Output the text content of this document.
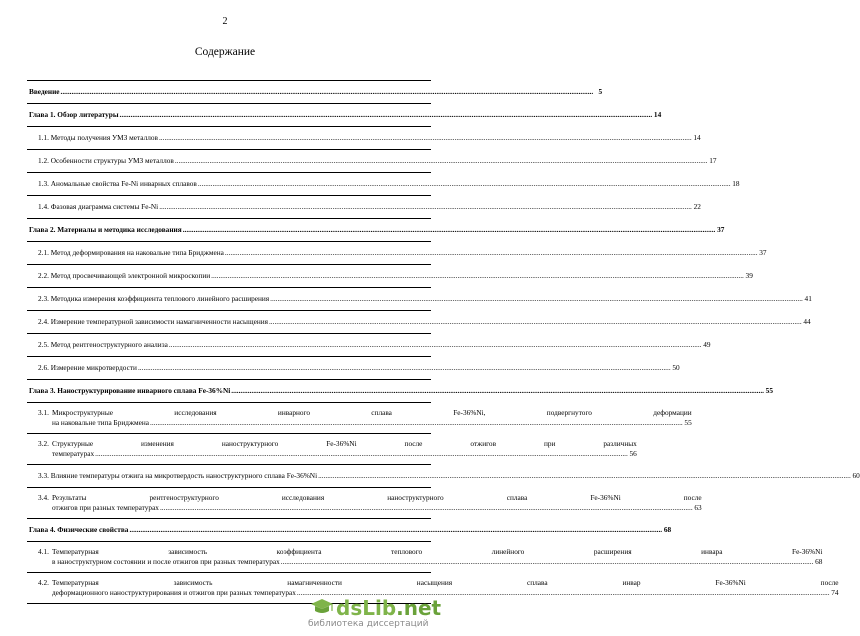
2
Содержание
Введение .....	5
Глава 1. Обзор литературы .....	14
1.1. Методы получения УМЗ металлов .....	14
1.2. Особенности структуры УМЗ металлов .....	17
1.3. Аномальные свойства Fe-Ni инварных сплавов .....	18
1.4. Фазовая диаграмма системы Fe-Ni .....	22
Глава 2. Материалы и методика исследования .....	37
2.1. Метод деформирования на наковальне типа Бриджмена .....	37
2.2. Метод просвечивающей электронной микроскопии .....	39
2.3. Методика измерения коэффициента теплового линейного расширения .....	41
2.4. Измерение температурной зависимости намагниченности насыщения .....	44
2.5. Метод рентгеноструктурного анализа .....	49
2.6. Измерение микротвердости .....	50
Глава 3. Наноструктурирование инварного сплава Fe-36%Ni .....	55
3.1. Микроструктурные исследования инварного сплава Fe-36%Ni, подвергнутого деформации
на наковальне типа Бриджмена .....	55
3.2. Структурные изменения наноструктурного Fe-36%Ni после отжигов при различных
температурах .....	56
3.3. Влияние температуры отжига на микротвердость наноструктурного сплава Fe-36%Ni .....	60
3.4. Результаты рентгеноструктурного исследования наноструктурного сплава Fe-36%Ni после
отжигов при разных температурах .....	63
Глава 4. Физические свойства .....	68
4.1. Температурная зависимость коэффициента теплового линейного расширения инвара Fe-36%Ni
в наноструктурном состоянии и после отжигов при разных температурах .....	68
4.2. Температурная зависимость намагниченности насыщения сплава инвар Fe-36%Ni после
деформационного наноструктурирования и отжигов при разных температурах .....	74
dsLib.net
библиотека диссертаций
